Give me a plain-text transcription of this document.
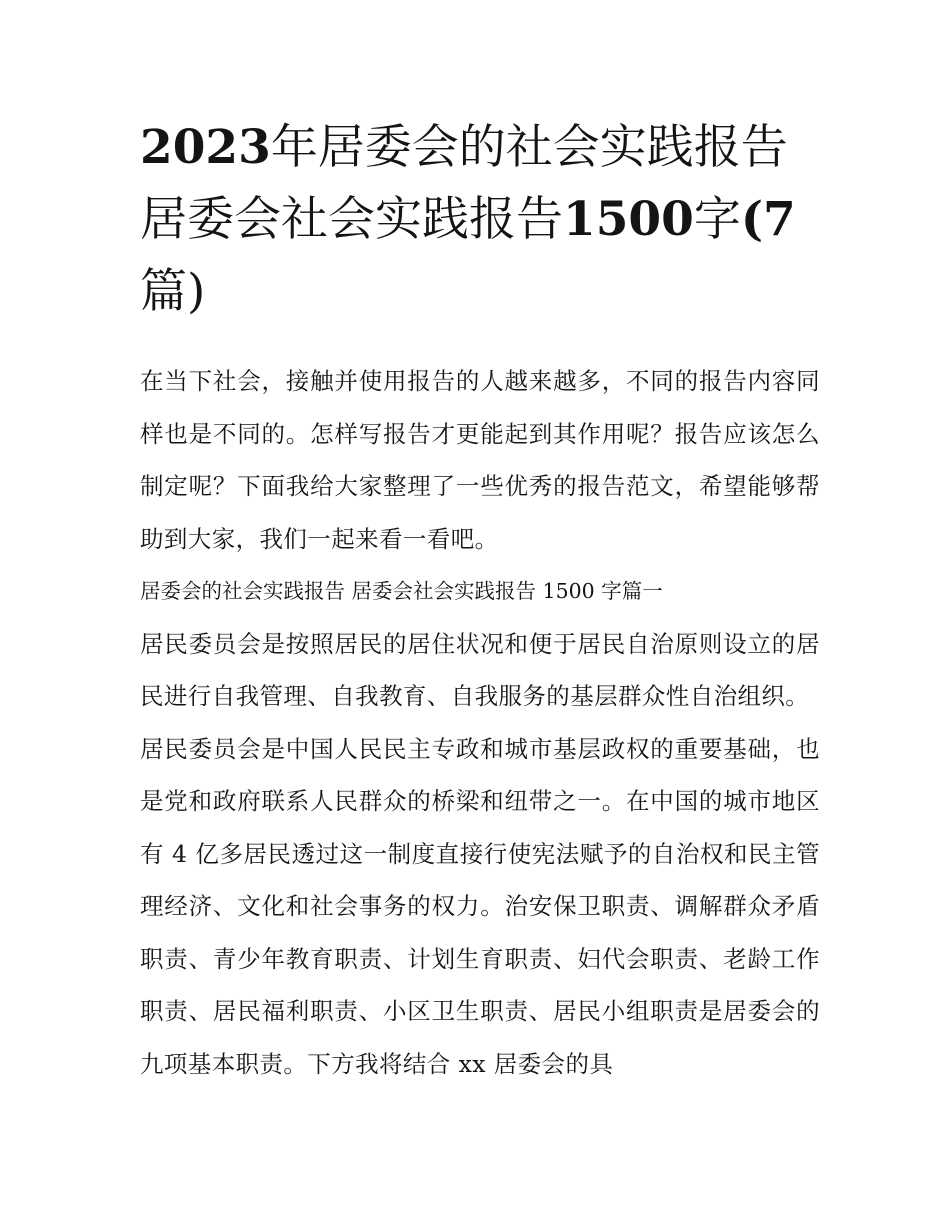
2023年居委会的社会实践报告居委会社会实践报告1500字(7篇)

在当下社会，接触并使用报告的人越来越多，不同的报告内容同样也是不同的。怎样写报告才更能起到其作用呢？报告应该怎么制定呢？下面我给大家整理了一些优秀的报告范文，希望能够帮助到大家，我们一起来看一看吧。

居委会的社会实践报告 居委会社会实践报告 1500 字篇一

居民委员会是按照居民的居住状况和便于居民自治原则设立的居民进行自我管理、自我教育、自我服务的基层群众性自治组织。

居民委员会是中国人民民主专政和城市基层政权的重要基础，也是党和政府联系人民群众的桥梁和纽带之一。在中国的城市地区有 4 亿多居民透过这一制度直接行使宪法赋予的自治权和民主管理经济、文化和社会事务的权力。治安保卫职责、调解群众矛盾职责、青少年教育职责、计划生育职责、妇代会职责、老龄工作职责、居民福利职责、小区卫生职责、居民小组职责是居委会的九项基本职责。下方我将结合 xx 居委会的具
